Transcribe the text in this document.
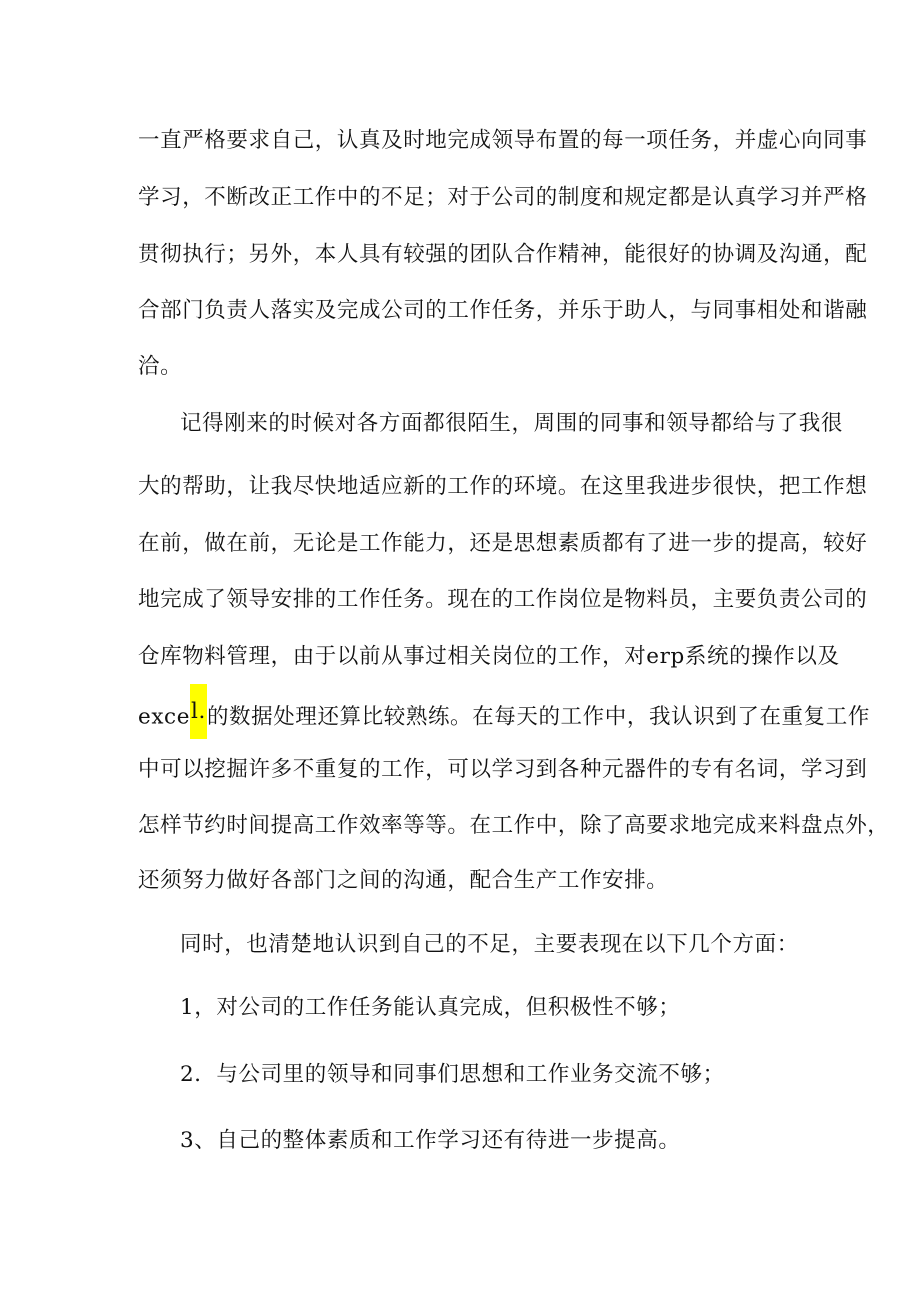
一直严格要求自己，认真及时地完成领导布置的每一项任务，并虚心向同事
学习，不断改正工作中的不足；对于公司的制度和规定都是认真学习并严格
贯彻执行；另外，本人具有较强的团队合作精神，能很好的协调及沟通，配
合部门负责人落实及完成公司的工作任务，并乐于助人，与同事相处和谐融
洽。
记得刚来的时候对各方面都很陌生，周围的同事和领导都给与了我很
大的帮助，让我尽快地适应新的工作的环境。在这里我进步很快，把工作想
在前，做在前，无论是工作能力，还是思想素质都有了进一步的提高，较好
地完成了领导安排的工作任务。现在的工作岗位是物料员，主要负责公司的
仓库物料管理，由于以前从事过相关岗位的工作，对erp系统的操作以及
excel.的数据处理还算比较熟练。在每天的工作中，我认识到了在重复工作
中可以挖掘许多不重复的工作，可以学习到各种元器件的专有名词，学习到
怎样节约时间提高工作效率等等。在工作中，除了高要求地完成来料盘点外，
还须努力做好各部门之间的沟通，配合生产工作安排。
同时，也清楚地认识到自己的不足，主要表现在以下几个方面：
1，对公司的工作任务能认真完成，但积极性不够；
2．与公司里的领导和同事们思想和工作业务交流不够；
3、自己的整体素质和工作学习还有待进一步提高。
